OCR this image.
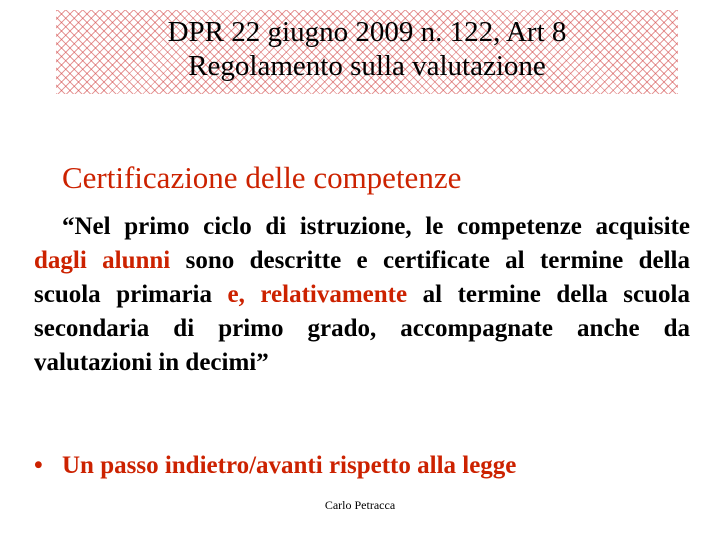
DPR 22 giugno 2009 n. 122, Art 8
Regolamento sulla valutazione
Certificazione delle competenze

“Nel primo ciclo di istruzione, le competenze acquisite dagli alunni sono descritte e certificate al termine della scuola primaria e, relativamente al termine della scuola secondaria di primo grado, accompagnate anche da valutazioni in decimi”

• Un passo indietro/avanti rispetto alla legge
Carlo Petracca
